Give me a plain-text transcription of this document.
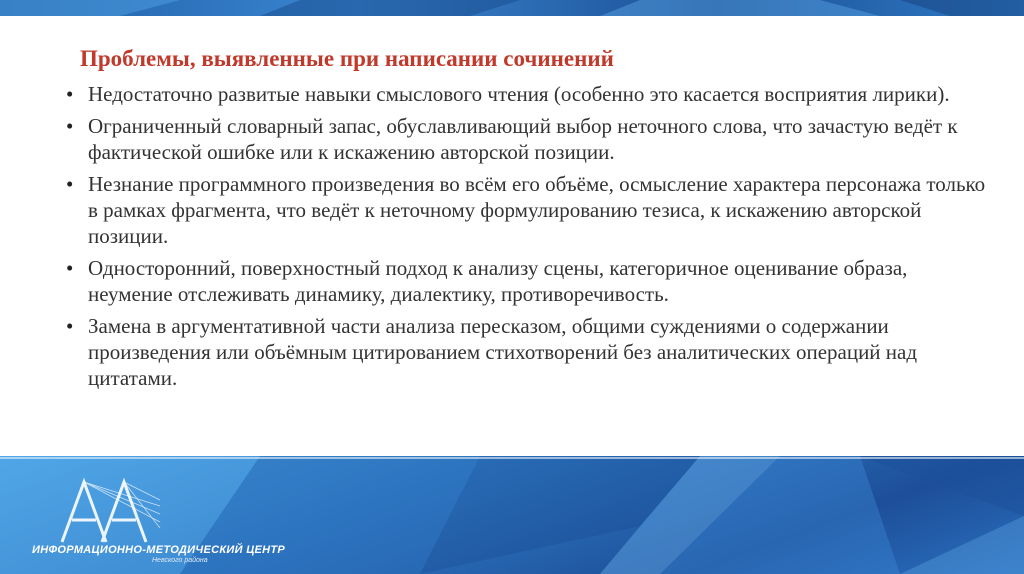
Проблемы, выявленные при написании сочинений
• Недостаточно развитые навыки смыслового чтения (особенно это касается восприятия лирики).
• Ограниченный словарный запас, обуславливающий выбор неточного слова, что зачастую ведёт к фактической ошибке или к искажению авторской позиции.
• Незнание программного произведения во всём его объёме, осмысление характера персонажа только в рамках фрагмента, что ведёт к неточному формулированию тезиса, к искажению авторской позиции.
• Односторонний, поверхностный подход к анализу сцены, категоричное оценивание образа, неумение отслеживать динамику, диалектику, противоречивость.
• Замена в аргументативной части анализа пересказом, общими суждениями о содержании произведения или объёмным цитированием стихотворений без аналитических операций над цитатами.
ИНФОРМАЦИОННО-МЕТОДИЧЕСКИЙ ЦЕНТР
Невского района
